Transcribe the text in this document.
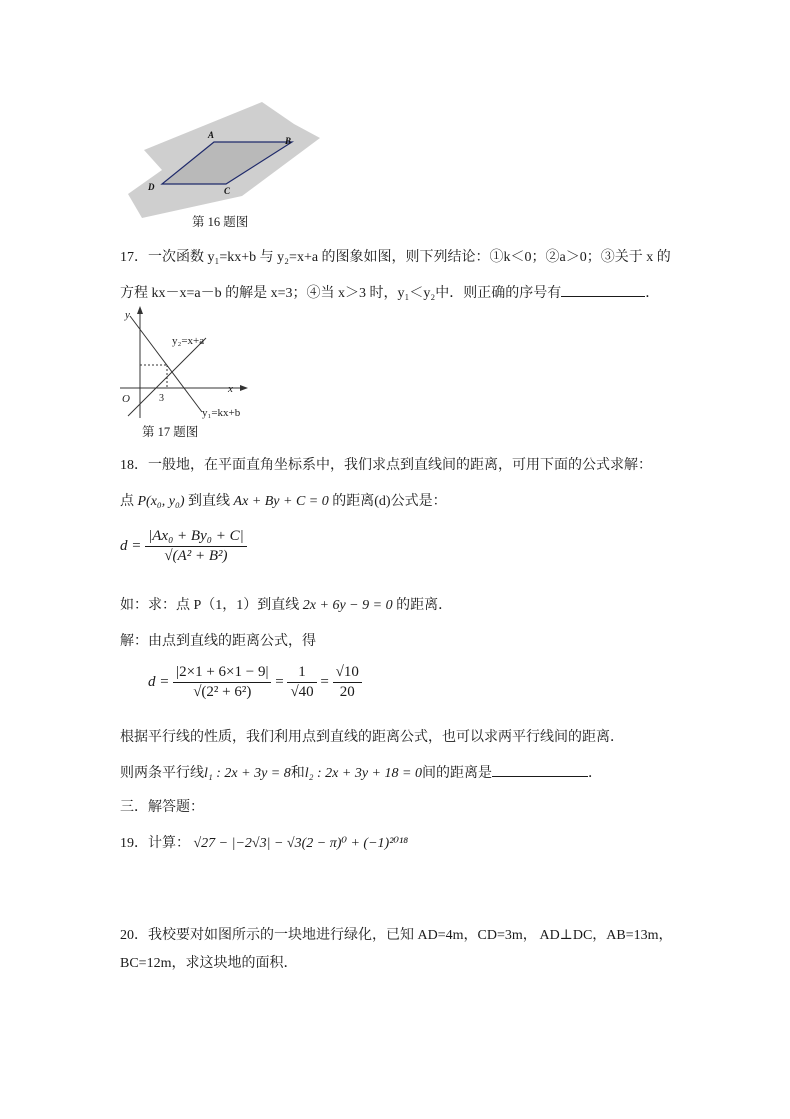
A
B
C
D
第 16 题图
17．一次函数 y₁=kx+b 与 y₂=x+a 的图象如图，则下列结论：①k＜0；②a＞0；③关于 x 的
方程 kx－x=a－b 的解是 x=3；④当 x＞3 时，y₁＜y₂中．则正确的序号有	．
y
x
O	3
y₂=x+a
y₁=kx+b
第 17 题图
18．一般地，在平面直角坐标系中，我们求点到直线间的距离，可用下面的公式求解：
点 P(x₀, y₀) 到直线 Ax + By + C = 0 的距离(d)公式是：
$d = \frac{\text{|Ax₀ + By₀ + C|}}{\text{√(A² + B²)}}$
如：求：点 P（1，1）到直线 2x + 6y − 9 = 0 的距离．
解：由点到直线的距离公式，得
$d = \frac{|2\times 1 + 6\times 1 - 9|}{\text{√(2² + 6²)}} = \frac{1}{√40} = \frac{√10}{20}$
根据平行线的性质，我们利用点到直线的距离公式，也可以求两平行线间的距离．
则两条平行线l₁ : 2x + 3y = 8和l₂ : 2x + 3y + 18 = 0间的距离是	．
三．解答题：
19．计算： √27 − |−2√3| − √3(2 − π)⁰ + (−1)²⁰¹⁸
20．我校要对如图所示的一块地进行绿化，已知 AD=4m，CD=3m， AD⊥DC，AB=13m，
BC=12m，求这块地的面积．
